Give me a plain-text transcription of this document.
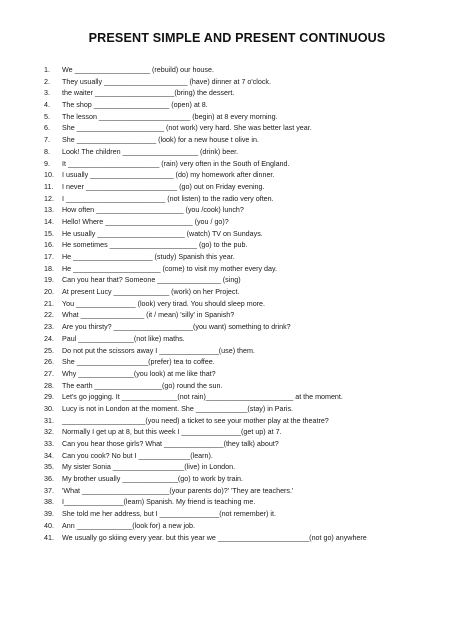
PRESENT SIMPLE AND PRESENT CONTINUOUS
1. We ___________________ (rebuild) our house.
2. They usually _____________________ (have) dinner at 7 o'clock.
3. the waiter ____________________(bring) the dessert.
4. The shop ___________________ (open) at 8.
5. The lesson _______________________ (begin) at 8 every morning.
6. She ______________________ (not work) very hard. She was better last year.
7. She ____________________ (look) for a new house t olive in.
8. Look! The children ___________________ (drink) beer.
9. It _______________________ (rain) very often in the South of England.
10. I usually _____________________ (do) my homework after dinner.
11. I never _______________________ (go) out on Friday evening.
12. I _________________________ (not listen) to the radio very often.
13. How often ______________________ (you /cook) lunch?
14. Hello! Where ______________________ (you / go)?
15. He usually ______________________ (watch) TV on Sundays.
16. He sometimes ______________________ (go) to the pub.
17. He ____________________ (study) Spanish this year.
18. He ______________________ (come) to visit my mother every day.
19. Can you hear that? Someone ________________ (sing)
20. At present Lucy ______________ (work) on her Project.
21. You _______________ (look) very tirad. You should sleep more.
22. What ________________ (it / mean) 'silly' in Spanish?
23. Are you thirsty? ____________________(you want) something to drink?
24. Paul ______________(not like) maths.
25. Do not put the scissors away I _______________(use) them.
26. She __________________(prefer) tea to coffee.
27. Why ______________(you look) at me like that?
28. The earth _________________(go) round the sun.
29. Let's go jogging. It ______________(not rain)______________________ at the moment.
30. Lucy is not in London at the moment. She _____________(stay) in Paris.
31. _____________________(you need) a ticket to see your mother play at the theatre?
32. Normally I get up at 8, but this week I _______________(get up) at 7.
33. Can you hear those girls? What _______________(they talk) about?
34. Can you cook? No but I _____________(learn).
35. My sister Sonia __________________(live) in London.
36. My brother usually ______________(go) to work by train.
37. 'What ______________________(your parents do)?' 'They are teachers.'
38. I_______________(learn) Spanish. My friend is teaching me.
39. She told me her address, but I _______________(not remember) it.
40. Ann ______________(look for) a new job.
41. We usually go skiing every year. but this year we _______________________(not go) anywhere
